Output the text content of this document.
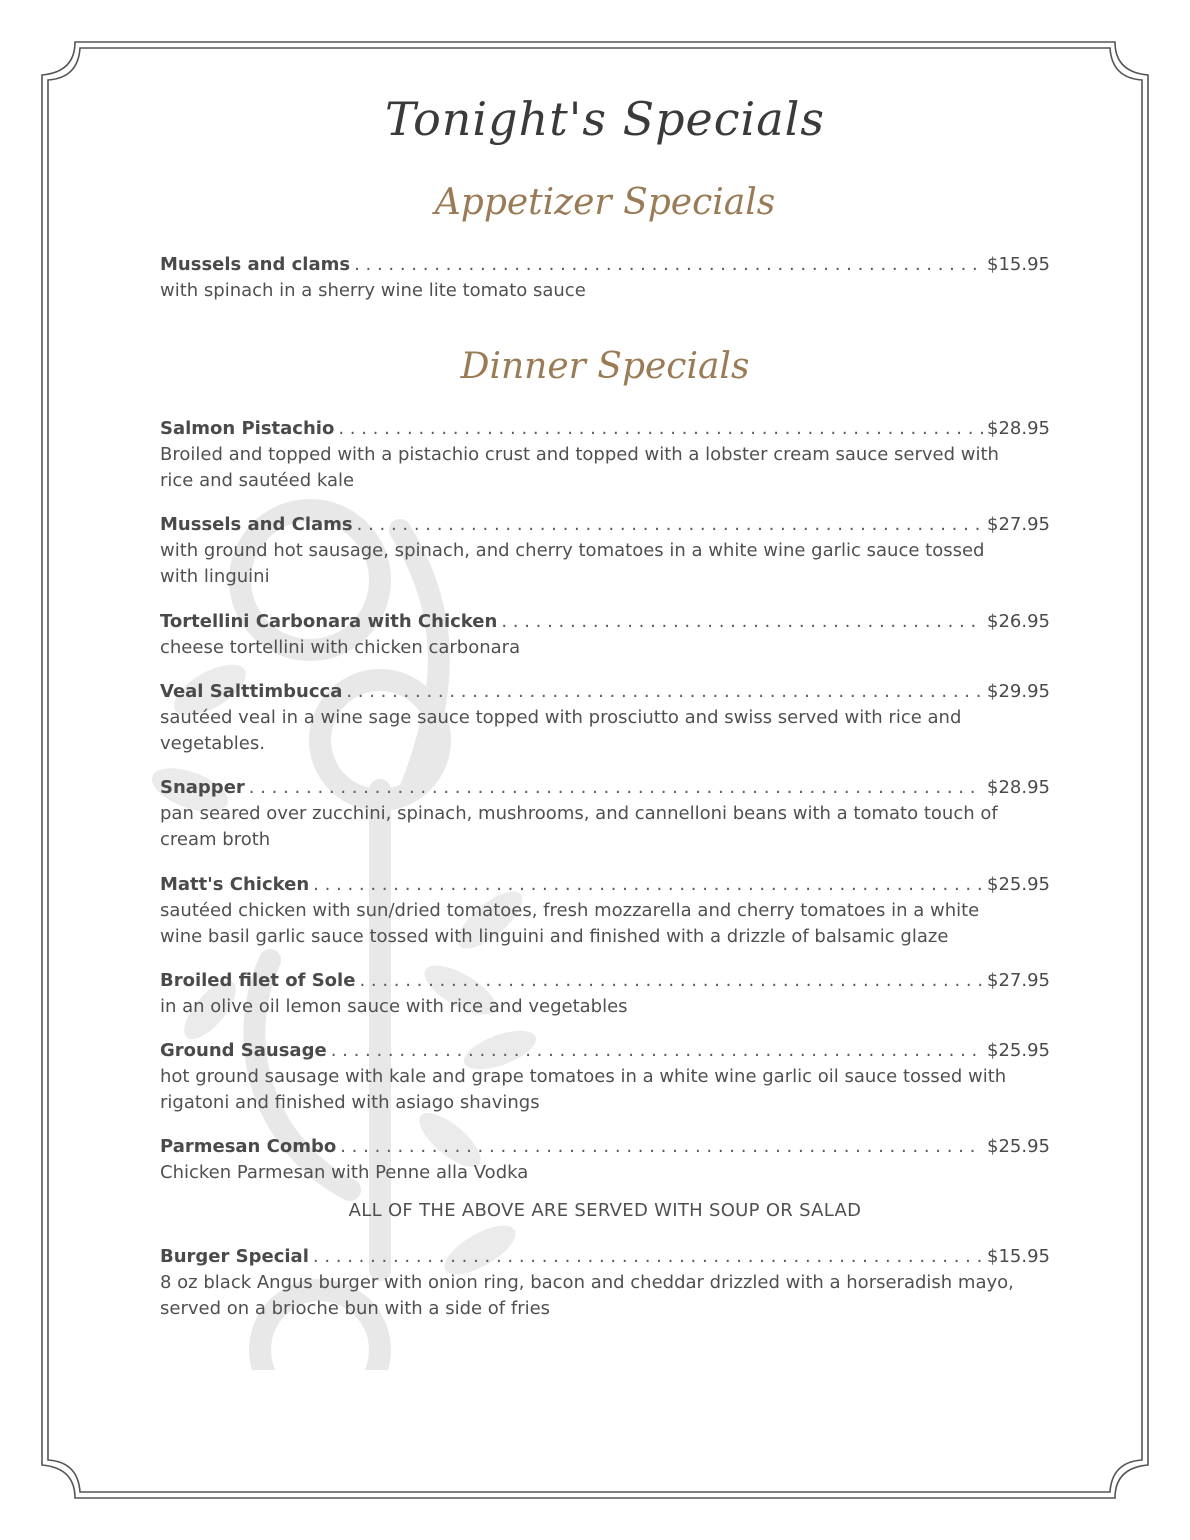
Tonight's Specials
Appetizer Specials
Mussels and clams . . .	$15.95
with spinach in a sherry wine lite tomato sauce
Dinner Specials
Salmon Pistachio . . .	$28.95
Broiled and topped with a pistachio crust and topped with a lobster cream sauce served with rice and sautéed kale
Mussels and Clams . . .	$27.95
with ground hot sausage, spinach, and cherry tomatoes in a white wine garlic sauce tossed with linguini
Tortellini Carbonara with Chicken . . .	$26.95
cheese tortellini with chicken carbonara
Veal Salttimbucca . . .	$29.95
sautéed veal in a wine sage sauce topped with prosciutto and swiss served with rice and vegetables.
Snapper . . .	$28.95
pan seared over zucchini, spinach, mushrooms, and cannelloni beans with a tomato touch of cream broth
Matt's Chicken . . .	$25.95
sautéed chicken with sun/dried tomatoes, fresh mozzarella and cherry tomatoes in a white wine basil garlic sauce tossed with linguini and finished with a drizzle of balsamic glaze
Broiled filet of Sole . . .	$27.95
in an olive oil lemon sauce with rice and vegetables
Ground Sausage . . .	$25.95
hot ground sausage with kale and grape tomatoes in a white wine garlic oil sauce tossed with rigatoni and finished with asiago shavings
Parmesan Combo . . .	$25.95
Chicken Parmesan with Penne alla Vodka
ALL OF THE ABOVE ARE SERVED WITH SOUP OR SALAD
Burger Special . . .	$15.95
8 oz black Angus burger with onion ring, bacon and cheddar drizzled with a horseradish mayo, served on a brioche bun with a side of fries
